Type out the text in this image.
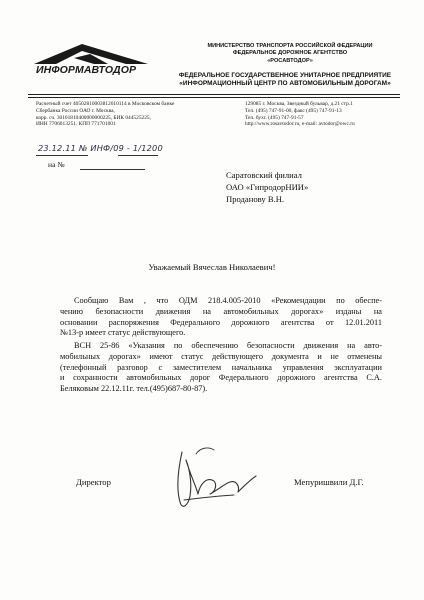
ИНФОРМАВТОДОР
МИНИСТЕРСТВО ТРАНСПОРТА РОССИЙСКОЙ ФЕДЕРАЦИИ
ФЕДЕРАЛЬНОЕ ДОРОЖНОЕ АГЕНТСТВО
«РОСАВТОДОР»
ФЕДЕРАЛЬНОЕ ГОСУДАРСТВЕННОЕ УНИТАРНОЕ ПРЕДПРИЯТИЕ
«ИНФОРМАЦИОННЫЙ ЦЕНТР ПО АВТОМОБИЛЬНЫМ ДОРОГАМ»
Расчетный счет 40502810003812010114 в Московском банке
Сбербанка России ОАО г. Москва,
корр. сч. 30101810400000000225, БИК 044525225,
ИНН 7706013251. КПП 771701001
129085 г. Москва, Звездный бульвар, д.21 стр.1
Тел. (495) 747-91-00, факс (495) 747-91-13
Тел. бухг. (495) 747-91-57
http://www.rosavtodor.ru, e-mail: avtodor@owc.ru
23.12.11 № ИНФ/09 - 1/1200
на №
Саратовский филиал
ОАО «ГипродорНИИ»
Проданову В.Н.
Уважаемый Вячеслав Николаевич!
Сообщаю Вам , что ОДМ 218.4.005-2010 «Рекомендации по обеспе-
чению безопасности движения на автомобильных дорогах» изданы на
основании распоряжения Федерального дорожного агентства от 12.01.2011
№13-р имеет статус действующего.
ВСН 25-86 «Указания по обеспечению безопасности движения на авто-
мобильных дорогах» имеют статус действующего документа и не отменены
(телефонный разговор с заместителем начальника управления эксплуатации
и сохранности автомобильных дорог Федерального дорожного агентства С.А.
Беляковым 22.12.11г. тел.(495)687-80-87).
Директор	Мепуришвили Д.Г.
